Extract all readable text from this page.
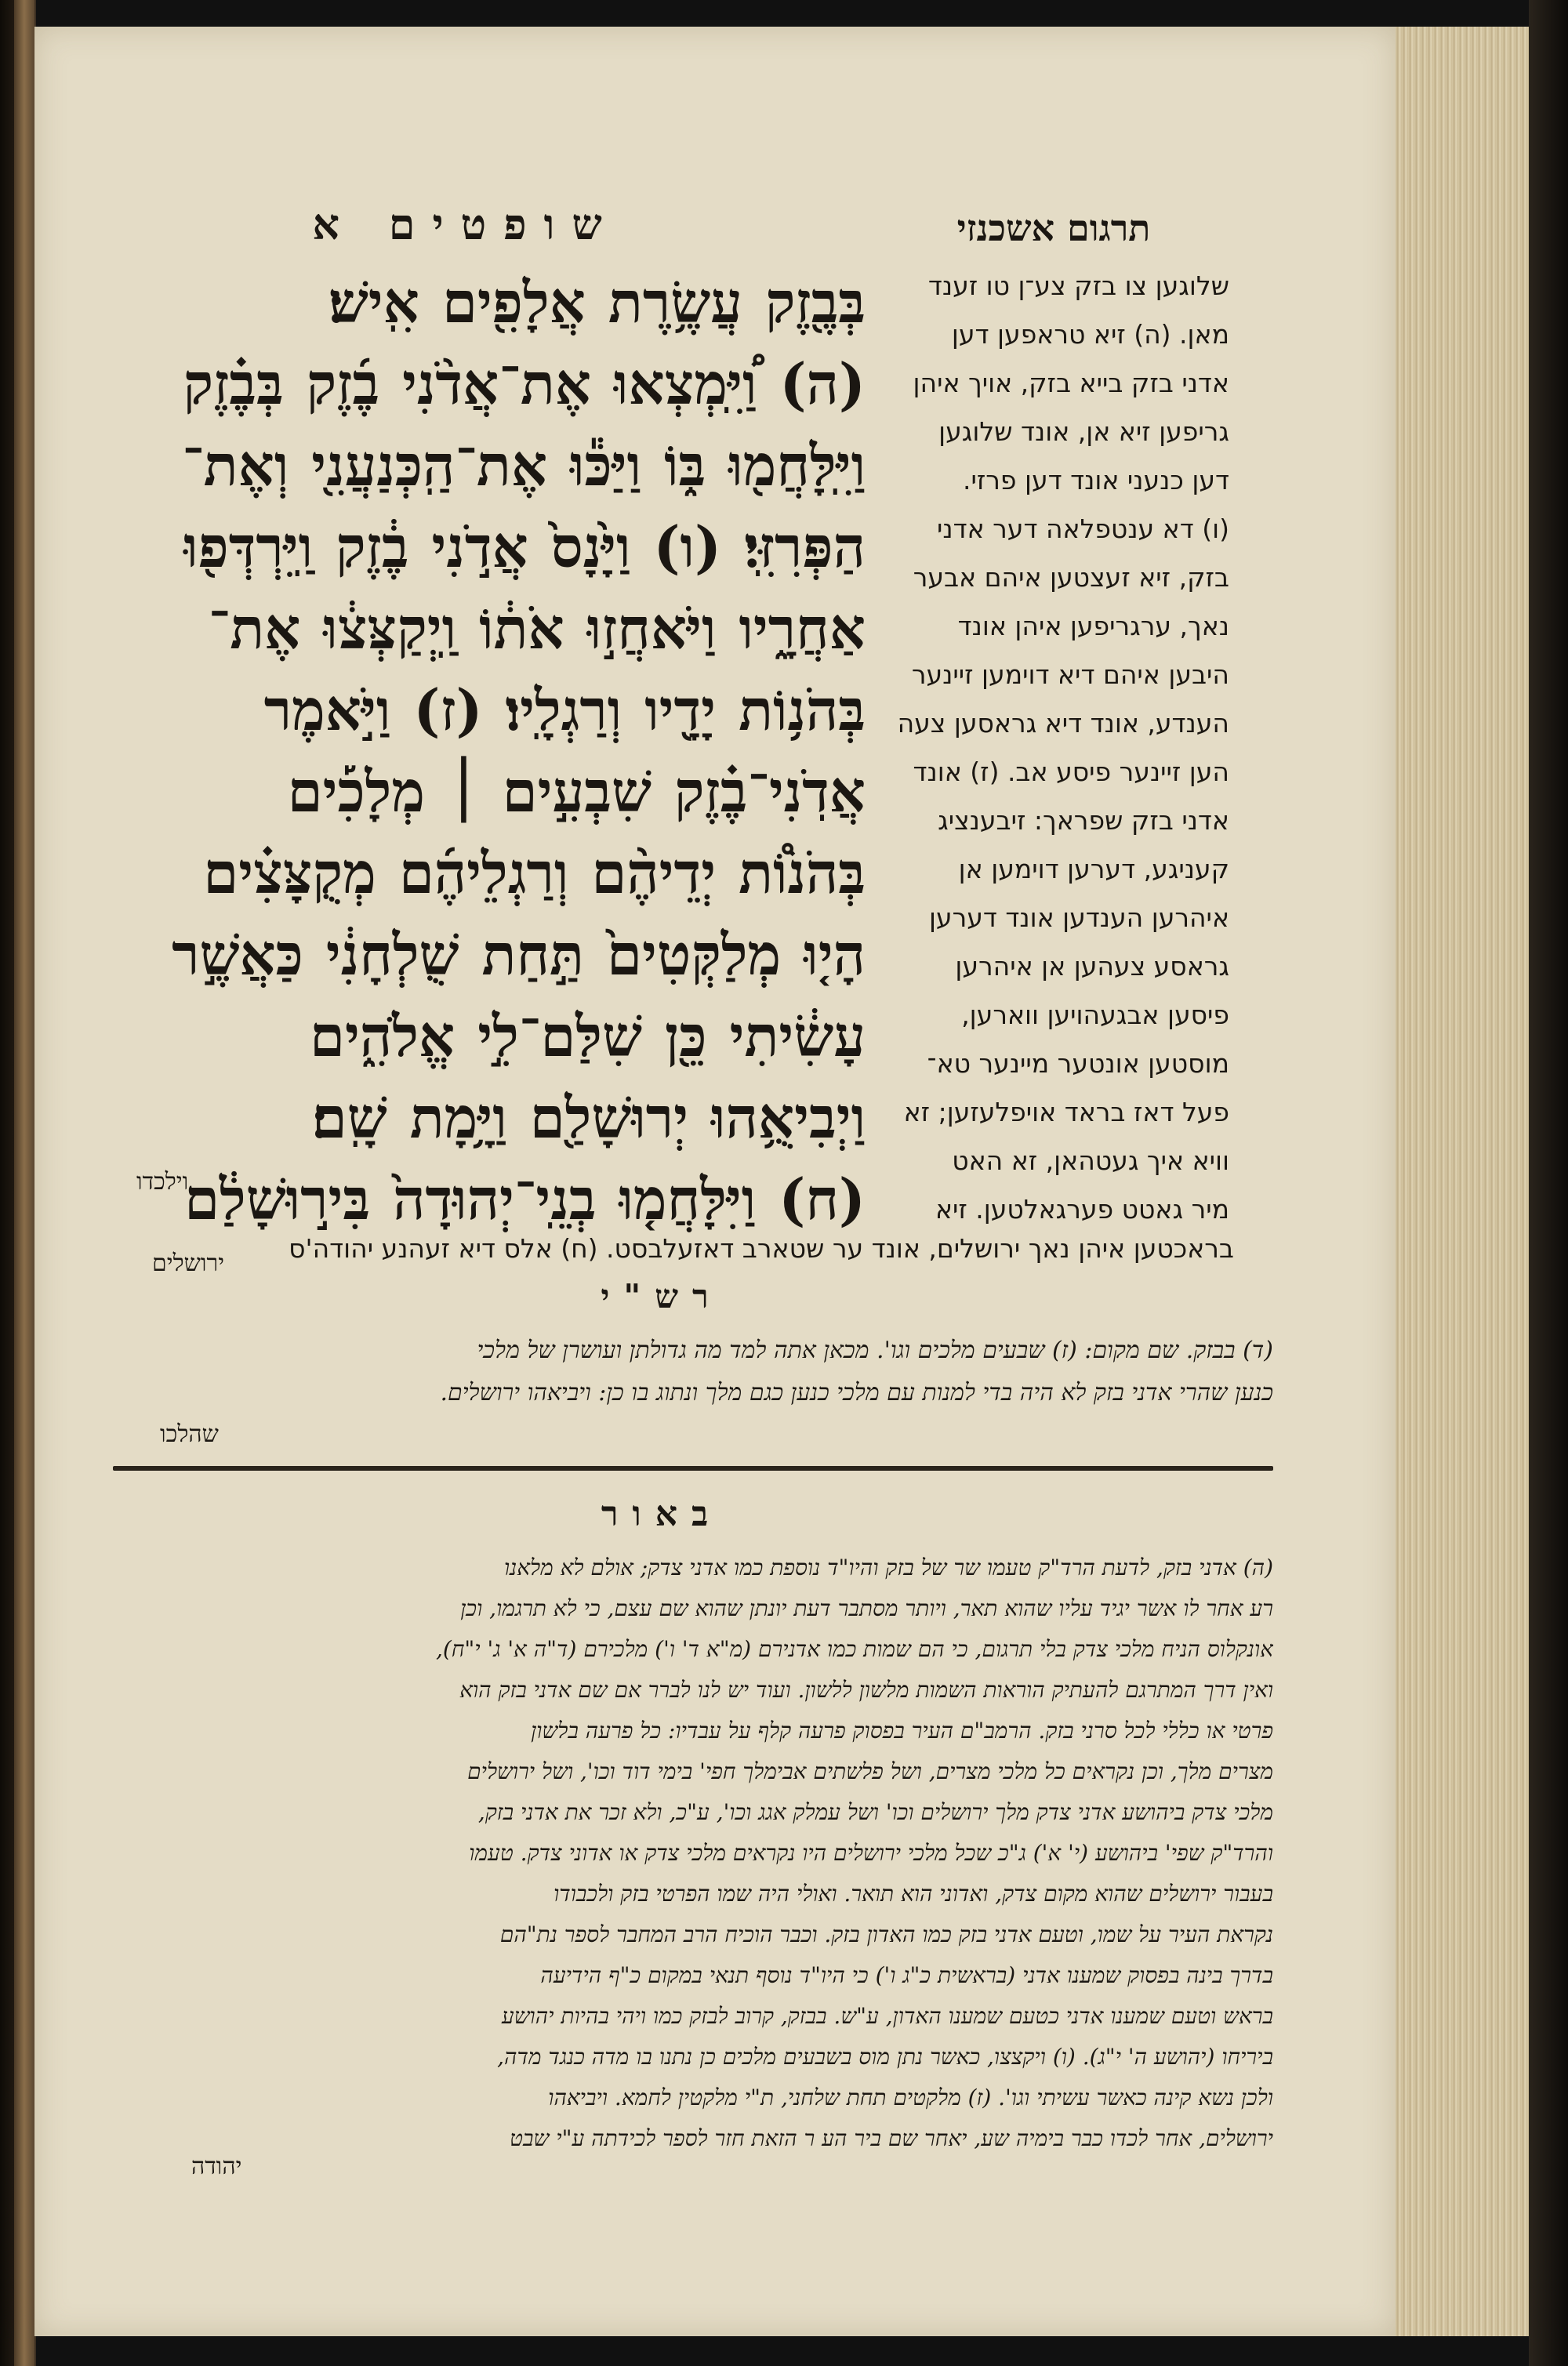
שופטים א	תרגום אשכנזי
בְּבֶ֖זֶק עֲשֶׂ֥רֶת אֲלָפִ֖ים אִֽישׁ׃
(ה) וַ֠יִּֽמְצְאוּ אֶת־אֲדֹ֨נִי בֶ֜זֶק בְּבֶ֗זֶק
וַיִּֽלָּחֲמ֖וּ בּ֑וֹ וַיַּכּ֕וּ אֶת־הַֽכְּנַעֲנִ֖י וְאֶת־
הַפְּרִזִּֽי׃ (ו) וַיָּ֙נָס֙ אֲדֹ֣נִי בֶ֔זֶק וַֽיִּרְדְּפ֖וּ
אַחֲרָ֑יו וַיֹּאחֲז֣וּ אֹת֔וֹ וַֽיְקַצְּצ֔וּ אֶת־
בְּהֹנ֥וֹת יָדָ֖יו וְרַגְלָֽיו׃ (ז) וַיֹּ֣אמֶר
אֲדֹֽנִי־בֶ֗זֶק שִׁבְעִ֣ים ׀ מְלָכִ֡ים
בְּהֹנ֩וֹת יְדֵיהֶ֨ם וְרַגְלֵיהֶ֜ם מְקֻצָּצִ֗ים
הָי֤וּ מְלַקְּטִים֙ תַּ֣חַת שֻׁלְחָנִ֔י כַּאֲשֶׁ֣ר
עָשִׂ֔יתִי כֵּ֖ן שִׁלַּם־לִ֣י אֱלֹהִ֑ים
וַיְבִיאֻ֥הוּ יְרוּשָׁלַ֖ם וַיָּ֥מָת שָֽׁם׃
(ח) וַיִּלָּחֲמ֤וּ בְנֵֽי־יְהוּדָה֙ בִּיר֣וּשָׁלַ֔ם
שלוגען צו בזק צע־ן טו זענד
מאן. (ה) זיא טראפען דען
אדני בזק בייא בזק, אויך איהן
גריפען זיא אן, אונד שלוגען
דען כנעני אונד דען פרזי.
(ו) דא ענטפלאה דער אדני
בזק, זיא זעצטען איהם אבער
נאך, ערגריפען איהן אונד
היבען איהם דיא דוימען זיינער
הענדע, אונד דיא גראסען צעה
הען זיינער פיסע אב. (ז) אונד
אדני בזק שפראך: זיבענציג
קעניגע, דערען דוימען אן
איהרען הענדען אונד דערען
גראסע צעהען אן איהרען
פיסען אבגעהויען ווארען,
מוסטען אונטער מיינער טא־
פעל דאז בראד אויפלעזען; זא
וויא איך געטהאן, זא האט
מיר גאטט פערגאלטען. זיא
בראכטען איהן נאך ירושלים, אונד ער שטארב דאזעלבסט. (ח) אלס דיא זעהנע יהודה'ס
וילכדו
ירושלים
רש"י
(ד) בבזק. שם מקום: (ז) שבעים מלכים וגו'. מכאן אתה למד מה גדולתן ועושרן של מלכי
כנען שהרי אדני בזק לא היה בדי למנות עם מלכי כנען כגם מלך ונתוג בו כן: ויביאהו ירושלים.
שהלכו
באור
(ה) אדני בזק, לדעת הרד"ק טעמו שר של בזק והיו"ד נוספת כמו אדני צדק; אולם לא מלאנו
רע אחר לו אשר יגיד עליו שהוא תאר, ויותר מסתבר דעת יונתן שהוא שם עצם, כי לא תרגמו, וכן
אונקלוס הניח מלכי צדק בלי תרגום, כי הם שמות כמו אדנירם (מ"א ד' ו') מלכירם (ד"ה א' ג' י"ח),
ואין דרך המתרגם להעתיק הוראות השמות מלשון ללשון. ועוד יש לנו לברר אם שם אדני בזק הוא
פרטי או כללי לכל סרני בזק. הרמב"ם העיר בפסוק פרעה קלף על עבדיו: כל פרעה בלשון
מצרים מלך, וכן נקראים כל מלכי מצרים, ושל פלשתים אבימלך חפי' בימי דוד וכו', ושל ירושלים
מלכי צדק ביהושע אדני צדק מלך ירושלים וכו' ושל עמלק אגג וכו', ע"כ, ולא זכר את אדני בזק,
והרד"ק שפי' ביהושע (י' א') ג"כ שכל מלכי ירושלים היו נקראים מלכי צדק או אדוני צדק. טעמו
בעבור ירושלים שהוא מקום צדק, ואדוני הוא תואר. ואולי היה שמו הפרטי בזק ולכבודו
נקראת העיר על שמו, וטעם אדני בזק כמו האדון בזק. וכבר הוכיח הרב המחבר לספר נת"הם
בדרך בינה בפסוק שמענו אדני (בראשית כ"ג ו') כי היו"ד נוסף תנאי במקום כ"ף הידיעה
בראש וטעם שמענו אדני כטעם שמענו האדון, ע"ש. בבזק, קרוב לבזק כמו ויהי בהיות יהושע
ביריחו (יהושע ה' י"ג). (ו) ויקצצו, כאשר נתן מוס בשבעים מלכים כן נתנו בו מדה כנגד מדה,
ולכן נשא קינה כאשר עשיתי וגו'. (ז) מלקטים תחת שלחני, ת"י מלקטין לחמא. ויביאהו
ירושלים, אחר לכדו כבר בימיה שע, יאחר שם ביר הע ר הזאת חזר לספר לכידתה ע"י שבט
יהודה
